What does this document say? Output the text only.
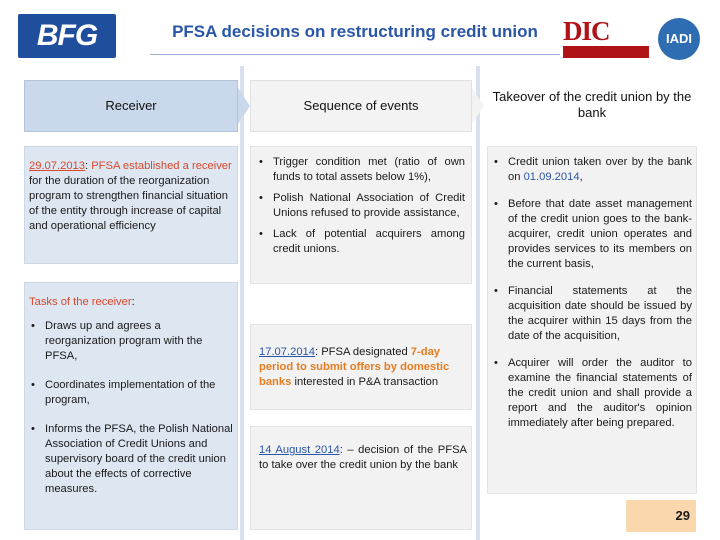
BFG	PFSA decisions on restructuring credit union DIC	IADI
Receiver	Sequence of events
Takeover of the credit union by the bank
29.07.2013: PFSA established a receiver for the duration of the reorganization program to strengthen financial situation of the entity through increase of capital and operational efficiency
Tasks of the receiver:
• Draws up and agrees a reorganization program with the PFSA,
• Coordinates implementation of the program,
• Informs the PFSA, the Polish National Association of Credit Unions and supervisory board of the credit union about the effects of corrective measures.
• Trigger condition met (ratio of own funds to total assets below 1%),
• Polish National Association of Credit Unions refused to provide assistance,
• Lack of potential acquirers among credit unions.
17.07.2014: PFSA designated 7-day period to submit offers by domestic banks interested in P&A transaction
14 August 2014: – decision of the PFSA to take over the credit union by the bank
• Credit union taken over by the bank on 01.09.2014,
• Before that date asset management of the credit union goes to the bank-acquirer, credit union operates and provides services to its members on the current basis,
• Financial statements at the acquisition date should be issued by the acquirer within 15 days from the date of the acquisition,
• Acquirer will order the auditor to examine the financial statements of the credit union and shall provide a report and the auditor's opinion immediately after being prepared.
29
